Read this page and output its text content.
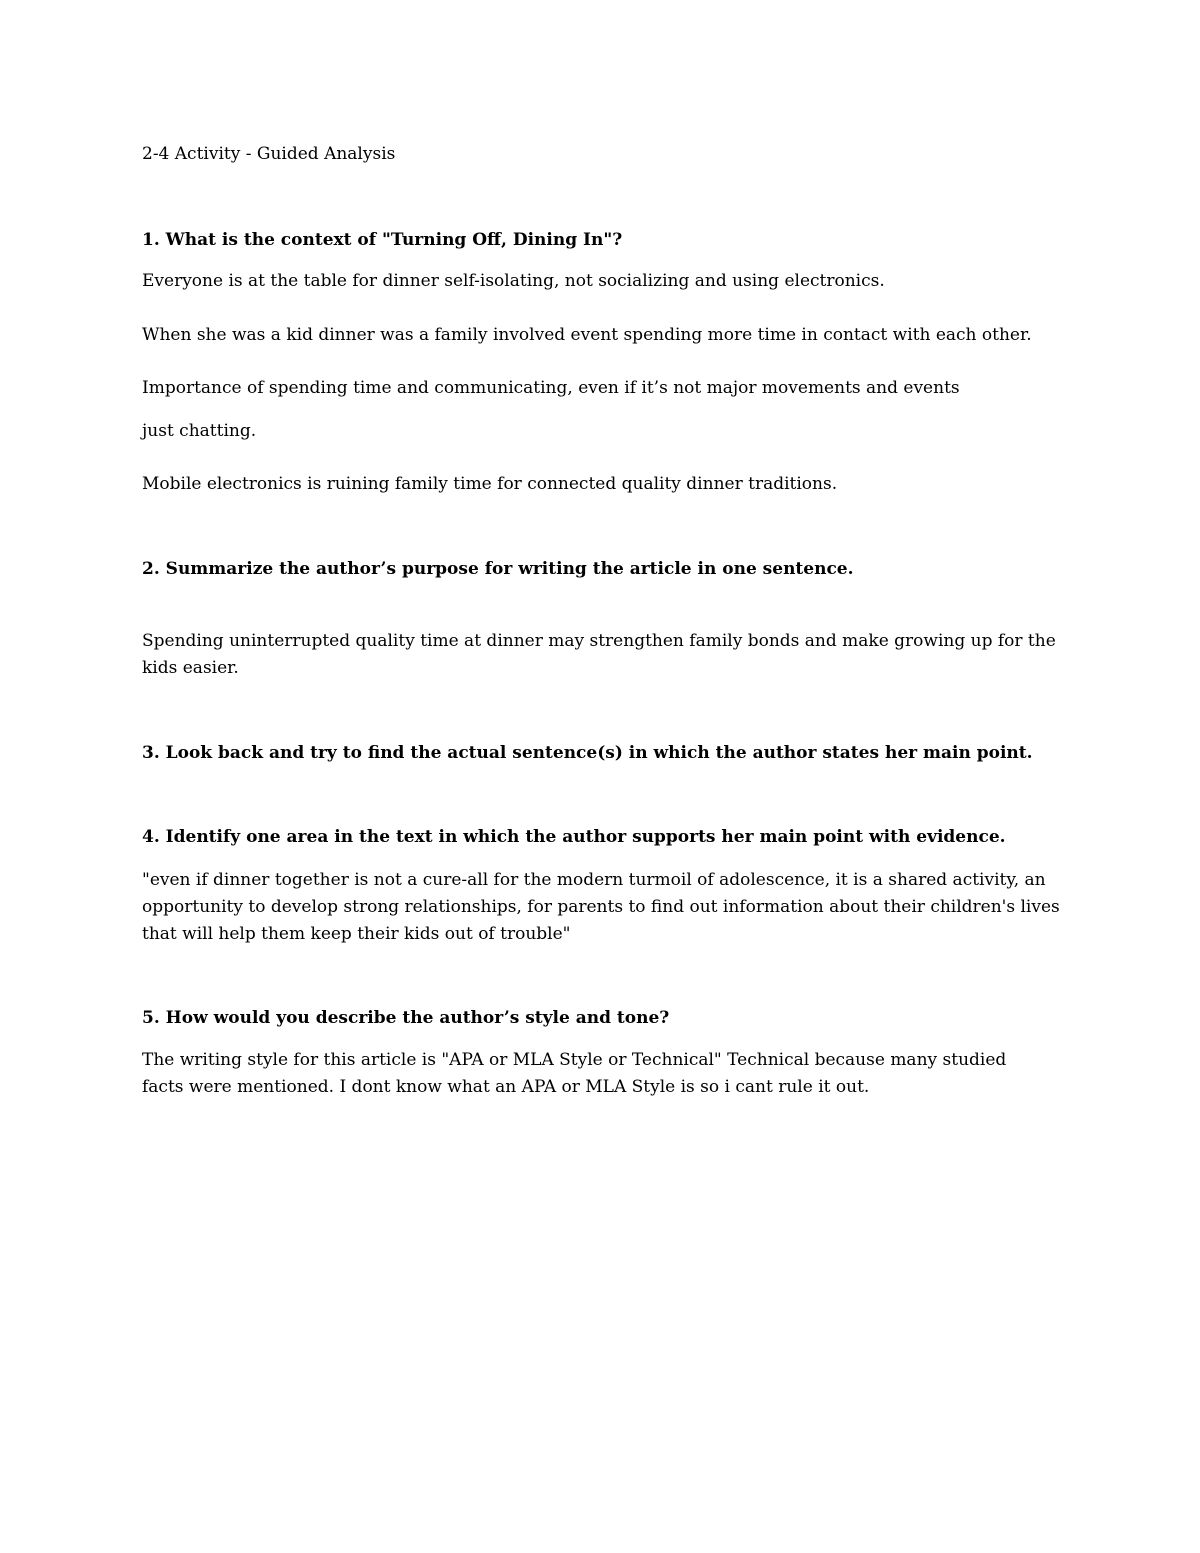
2-4 Activity - Guided Analysis

1. What is the context of "Turning Off, Dining In"?

Everyone is at the table for dinner self-isolating, not socializing and using electronics.

When she was a kid dinner was a family involved event spending more time in contact with each other.

Importance of spending time and communicating, even if it’s not major movements and events

just chatting.

Mobile electronics is ruining family time for connected quality dinner traditions.

2. Summarize the author’s purpose for writing the article in one sentence.

Spending uninterrupted quality time at dinner may strengthen family bonds and make growing up for the

kids easier.

3. Look back and try to find the actual sentence(s) in which the author states her main point.

4. Identify one area in the text in which the author supports her main point with evidence.

"even if dinner together is not a cure-all for the modern turmoil of adolescence, it is a shared activity, an

opportunity to develop strong relationships, for parents to find out information about their children's lives

that will help them keep their kids out of trouble"

5. How would you describe the author’s style and tone?

The writing style for this article is "APA or MLA Style or Technical" Technical because many studied

facts were mentioned. I dont know what an APA or MLA Style is so i cant rule it out.
